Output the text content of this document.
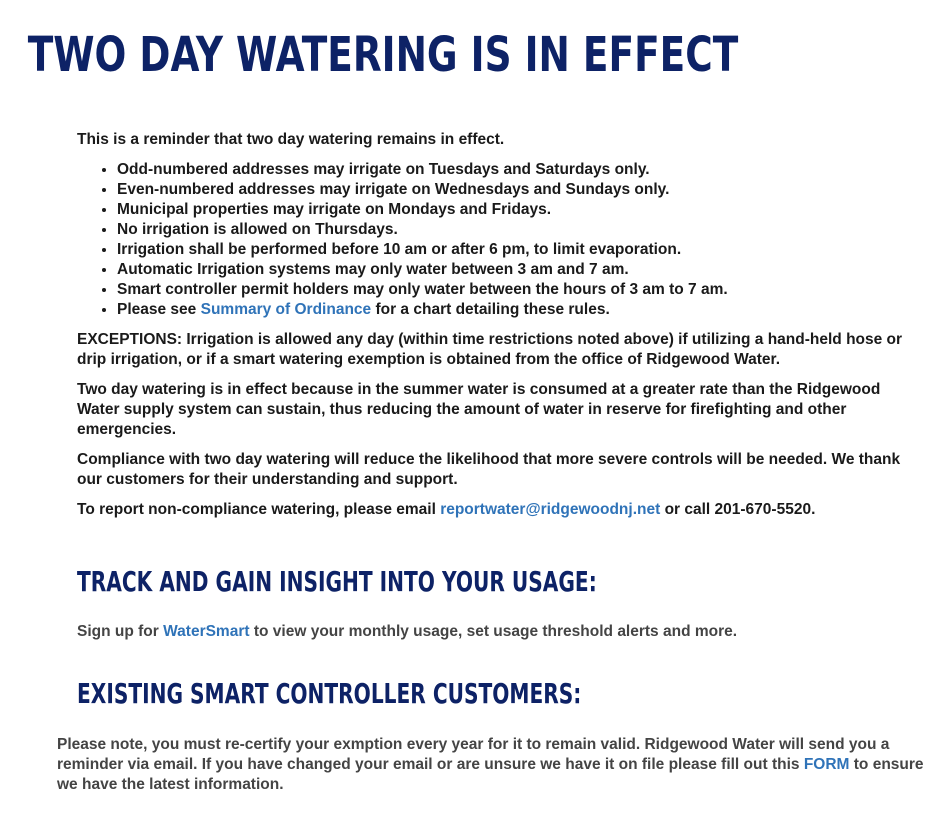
TWO DAY WATERING IS IN EFFECT

This is a reminder that two day watering remains in effect.

• Odd-numbered addresses may irrigate on Tuesdays and Saturdays only.
• Even-numbered addresses may irrigate on Wednesdays and Sundays only.
• Municipal properties may irrigate on Mondays and Fridays.
• No irrigation is allowed on Thursdays.
• Irrigation shall be performed before 10 am or after 6 pm, to limit evaporation.
• Automatic Irrigation systems may only water between 3 am and 7 am.
• Smart controller permit holders may only water between the hours of 3 am to 7 am.
• Please see Summary of Ordinance for a chart detailing these rules.

EXCEPTIONS: Irrigation is allowed any day (within time restrictions noted above) if utilizing a hand-held hose or drip irrigation, or if a smart watering exemption is obtained from the office of Ridgewood Water.

Two day watering is in effect because in the summer water is consumed at a greater rate than the Ridgewood Water supply system can sustain, thus reducing the amount of water in reserve for firefighting and other emergencies.

Compliance with two day watering will reduce the likelihood that more severe controls will be needed. We thank our customers for their understanding and support.

To report non-compliance watering, please email reportwater@ridgewoodnj.net or call 201-670-5520.

TRACK AND GAIN INSIGHT INTO YOUR USAGE:

Sign up for WaterSmart to view your monthly usage, set usage threshold alerts and more.

EXISTING SMART CONTROLLER CUSTOMERS:

Please note, you must re-certify your exmption every year for it to remain valid. Ridgewood Water will send you a reminder via email. If you have changed your email or are unsure we have it on file please fill out this FORM to ensure we have the latest information.
